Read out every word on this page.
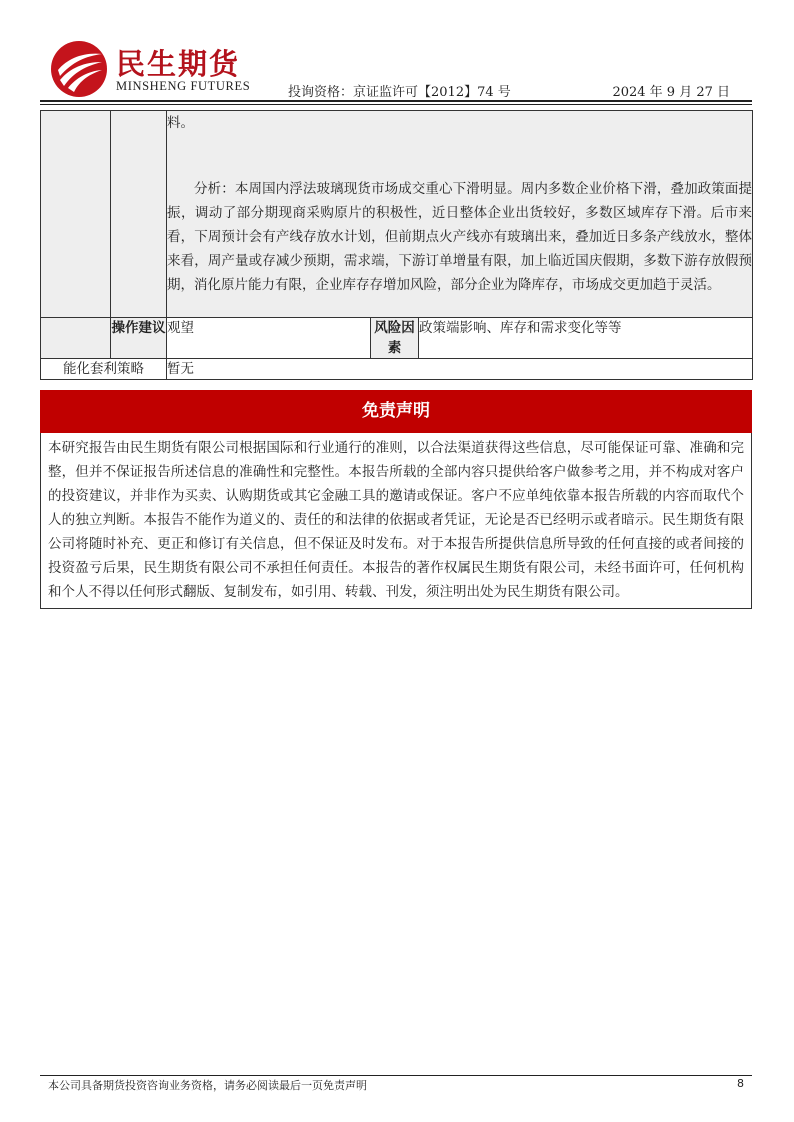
民生期货
MINSHENG FUTURES	投询资格：京证监许可【2012】74 号	2024 年 9 月 27 日

		料。

分析：本周国内浮法玻璃现货市场成交重心下滑明显。周内多数企业价格下滑，叠加政策面提振，调动了部分期现商采购原片的积极性，近日整体企业出货较好，多数区域库存下滑。后市来看，下周预计会有产线存放水计划，但前期点火产线亦有玻璃出来，叠加近日多条产线放水，整体来看，周产量或存减少预期，需求端，下游订单增量有限，加上临近国庆假期，多数下游存放假预期，消化原片能力有限，企业库存存增加风险，部分企业为降库存，市场成交更加趋于灵活。		

	操作建议	观望	风险因素	政策端影响、库存和需求变化等等
能化套利策略		暂无		
免责声明
本研究报告由民生期货有限公司根据国际和行业通行的准则，以合法渠道获得这些信息，尽可能保证可靠、准确和完整，但并不保证报告所述信息的准确性和完整性。本报告所载的全部内容只提供给客户做参考之用，并不构成对客户的投资建议，并非作为买卖、认购期货或其它金融工具的邀请或保证。客户不应单纯依靠本报告所载的内容而取代个人的独立判断。本报告不能作为道义的、责任的和法律的依据或者凭证，无论是否已经明示或者暗示。民生期货有限公司将随时补充、更正和修订有关信息，但不保证及时发布。对于本报告所提供信息所导致的任何直接的或者间接的投资盈亏后果，民生期货有限公司不承担任何责任。本报告的著作权属民生期货有限公司，未经书面许可，任何机构和个人不得以任何形式翻版、复制发布，如引用、转载、刊发，须注明出处为民生期货有限公司。
本公司具备期货投资咨询业务资格，请务必阅读最后一页免责声明	8
